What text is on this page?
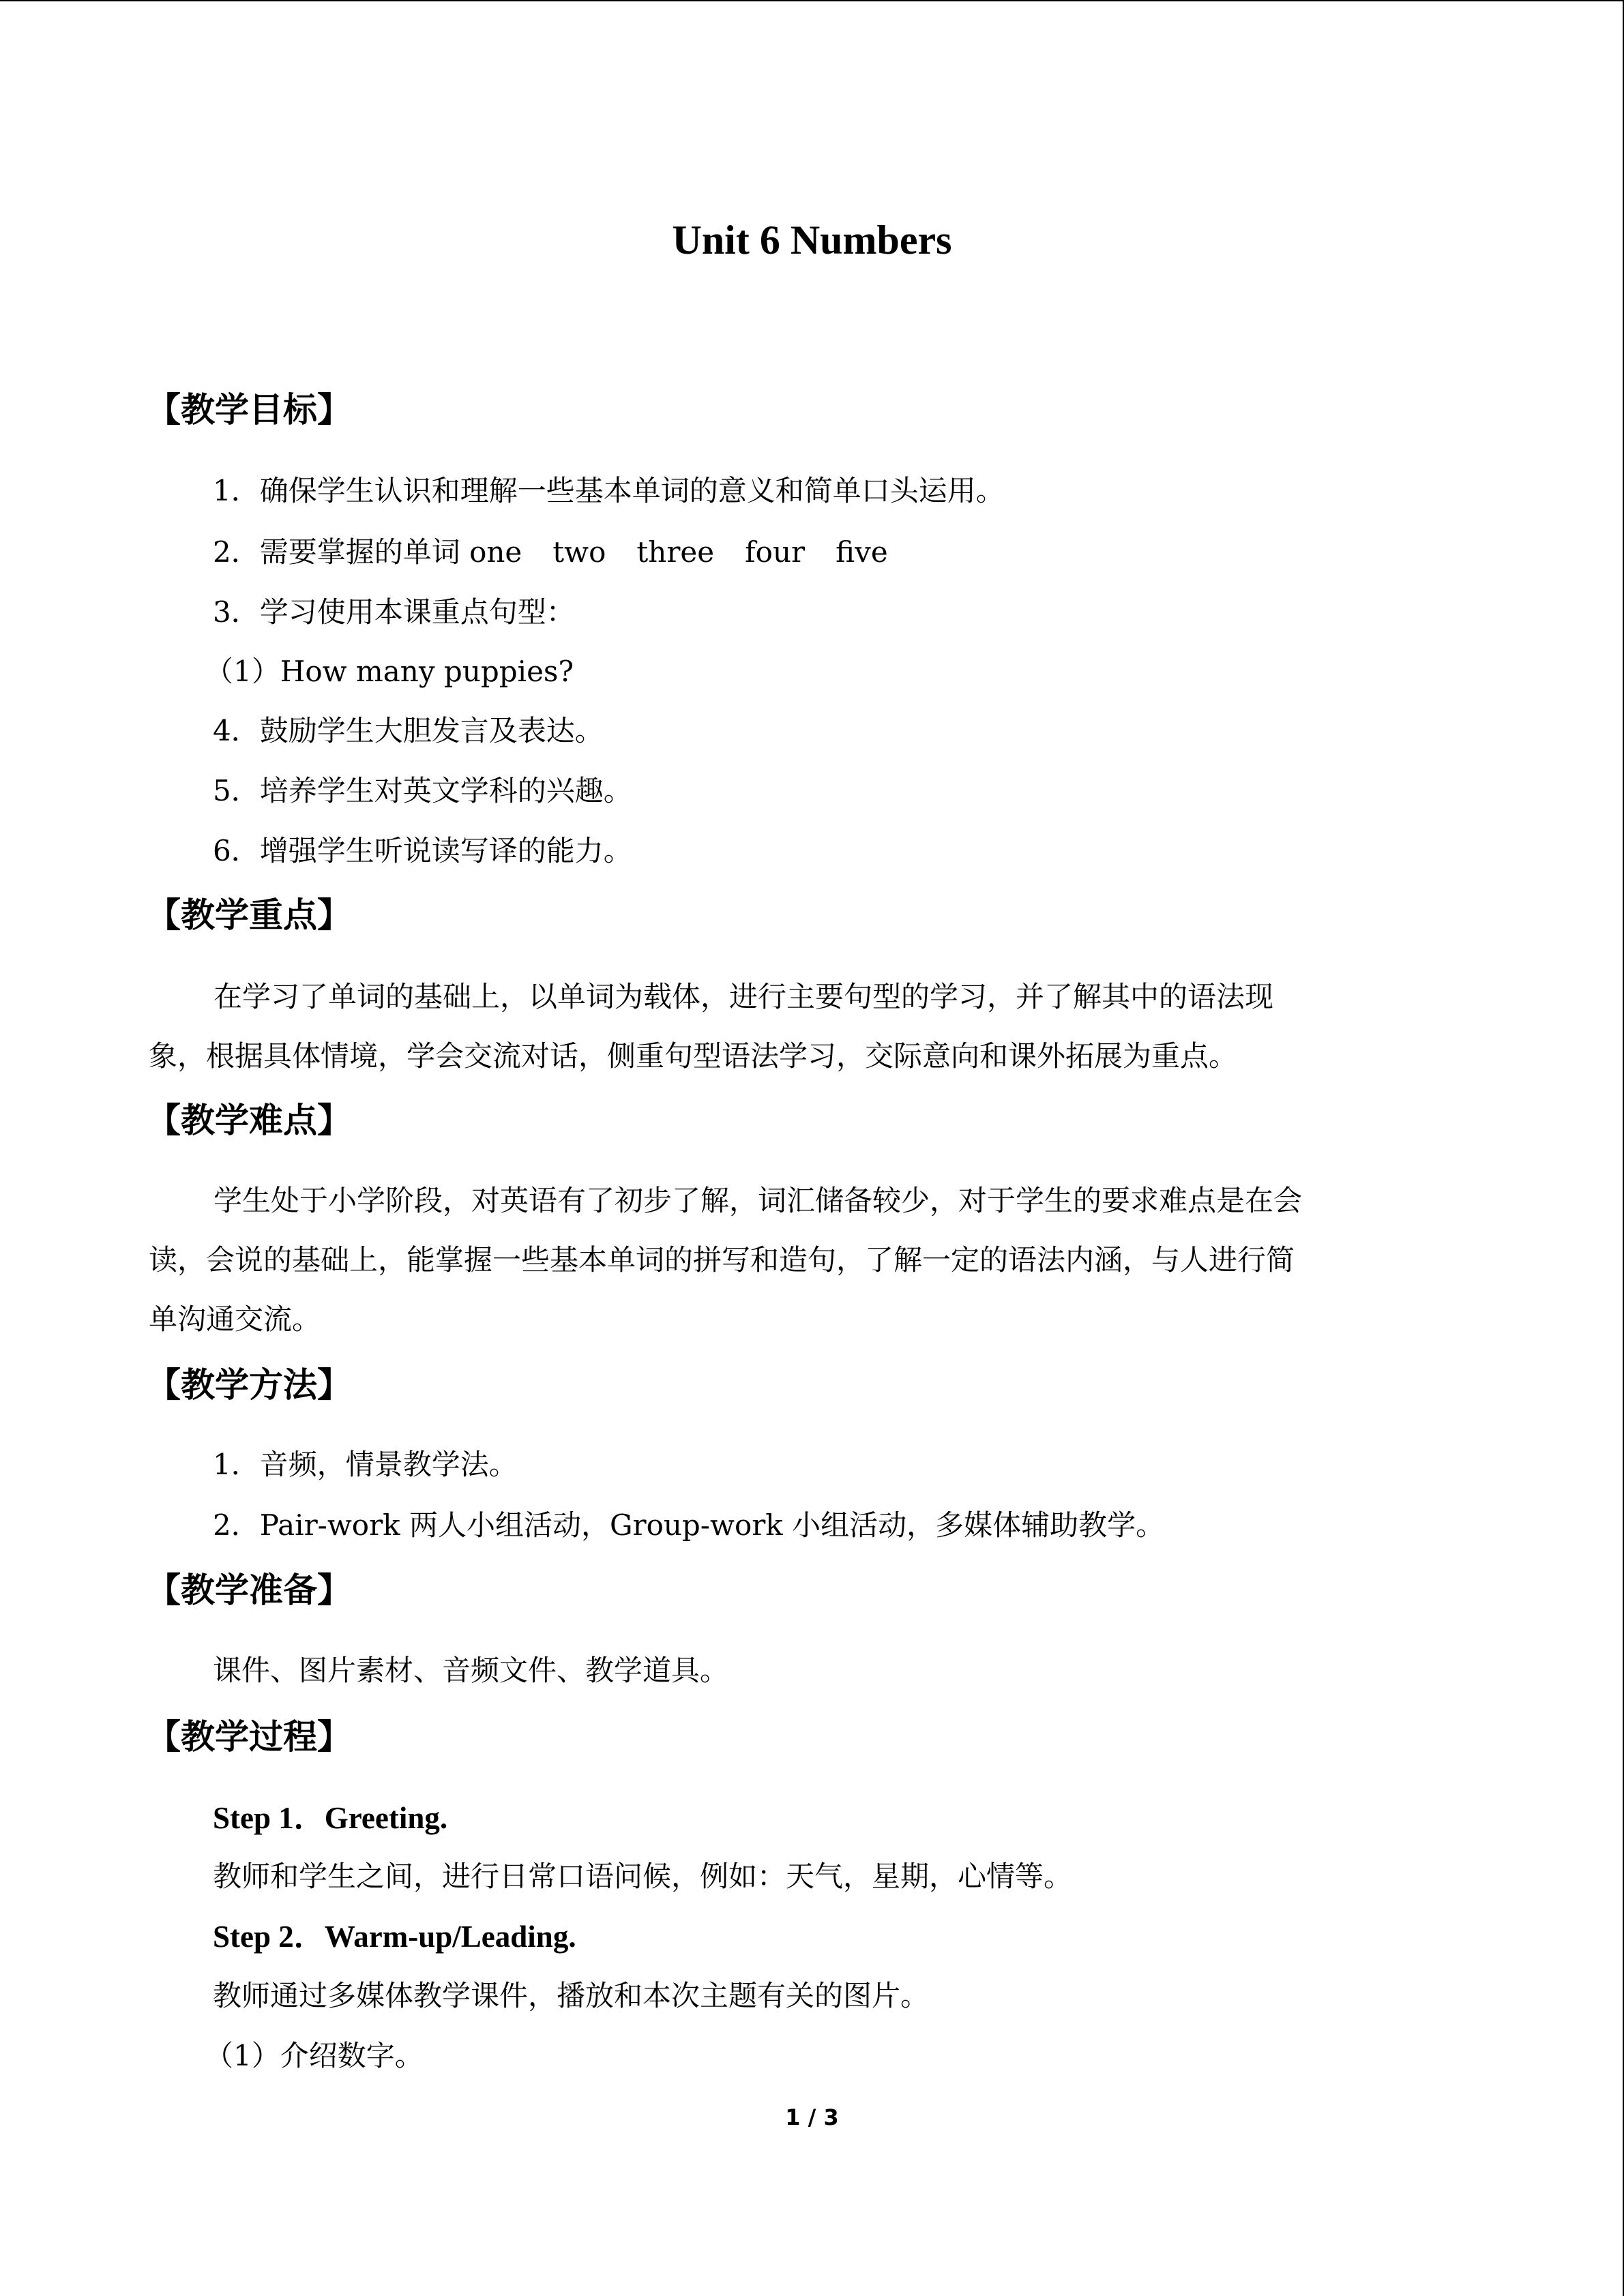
Unit 6 Numbers
【教学目标】
1．确保学生认识和理解一些基本单词的意义和简单口头运用。
2．需要掌握的单词 one two three four five
3．学习使用本课重点句型：
（1）How many puppies?
4．鼓励学生大胆发言及表达。
5．培养学生对英文学科的兴趣。
6．增强学生听说读写译的能力。
【教学重点】
在学习了单词的基础上，以单词为载体，进行主要句型的学习，并了解其中的语法现
象，根据具体情境，学会交流对话，侧重句型语法学习，交际意向和课外拓展为重点。
【教学难点】
学生处于小学阶段，对英语有了初步了解，词汇储备较少，对于学生的要求难点是在会
读，会说的基础上，能掌握一些基本单词的拼写和造句，了解一定的语法内涵，与人进行简
单沟通交流。
【教学方法】
1．音频，情景教学法。
2．Pair-work 两人小组活动，Group-work 小组活动，多媒体辅助教学。
【教学准备】
课件、图片素材、音频文件、教学道具。
【教学过程】
Step 1．Greeting.
教师和学生之间，进行日常口语问候，例如：天气，星期，心情等。
Step 2．Warm-up/Leading.
教师通过多媒体教学课件，播放和本次主题有关的图片。
（1）介绍数字。
1 / 3
